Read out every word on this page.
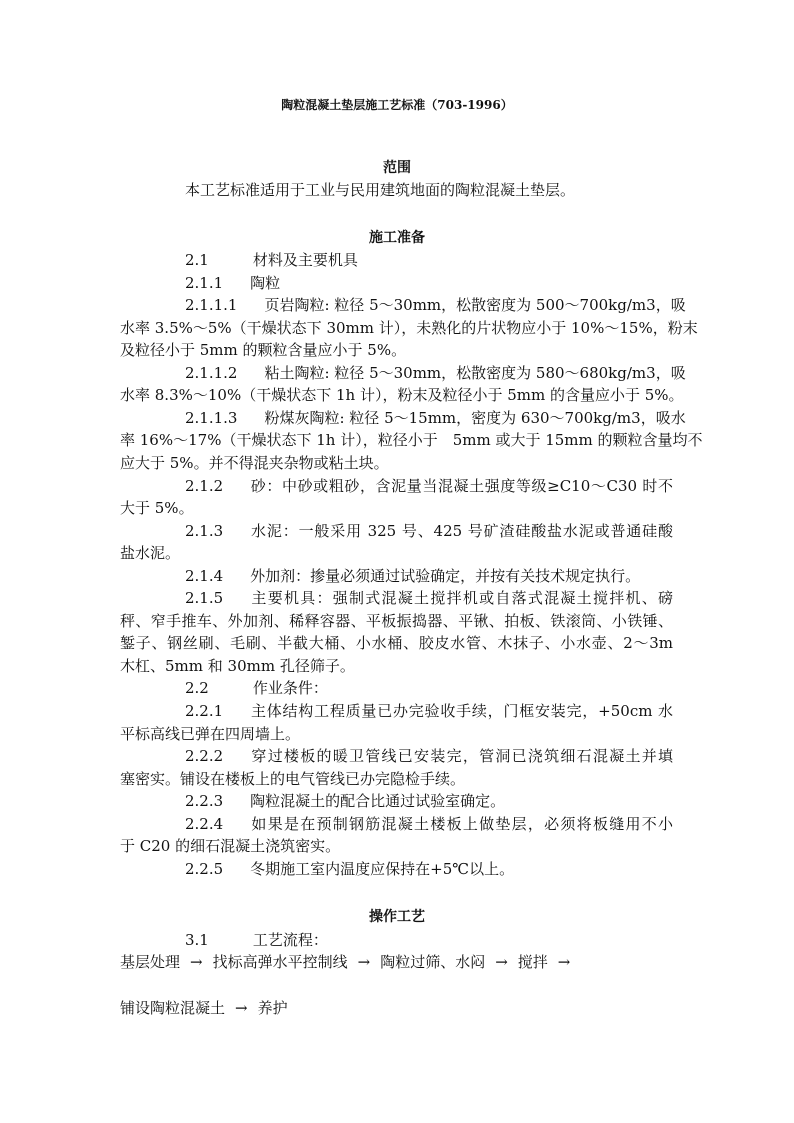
陶粒混凝土垫层施工艺标准（703-1996）
范围
本工艺标准适用于工业与民用建筑地面的陶粒混凝土垫层。
施工准备
2.1	材料及主要机具
2.1.1 陶粒
2.1.1.1 页岩陶粒: 粒径 5～30mm，松散密度为 500～700kg/m3，吸
水率 3.5%～5%（干燥状态下 30mm 计），未熟化的片状物应小于 10%～15%，粉末
及粒径小于 5mm 的颗粒含量应小于 5%。
2.1.1.2 粘土陶粒: 粒径 5～30mm，松散密度为 580～680kg/m3，吸
水率 8.3%～10%（干燥状态下 1h 计），粉末及粒径小于 5mm 的含量应小于 5%。
2.1.1.3 粉煤灰陶粒: 粒径 5～15mm，密度为 630～700kg/m3，吸水
率 16%～17%（干燥状态下 1h 计），粒径小于　5mm 或大于 15mm 的颗粒含量均不
应大于 5%。并不得混夹杂物或粘土块。
2.1.2 砂：中砂或粗砂，含泥量当混凝土强度等级≥C10～C30 时不
大于 5%。
2.1.3 水泥：一般采用 325 号、425 号矿渣硅酸盐水泥或普通硅酸
盐水泥。
2.1.4 外加剂：掺量必须通过试验确定，并按有关技术规定执行。
2.1.5 主要机具：强制式混凝土搅拌机或自落式混凝土搅拌机、磅
秤、窄手推车、外加剂、稀释容器、平板振捣器、平锹、拍板、铁滚筒、小铁锤、
錾子、钢丝刷、毛刷、半截大桶、小水桶、胶皮水管、木抹子、小水壶、2～3m
木杠、5mm 和 30mm 孔径筛子。
2.2	作业条件：
2.2.1 主体结构工程质量已办完验收手续，门框安装完，+50cm 水
平标高线已弹在四周墙上。
2.2.2 穿过楼板的暖卫管线已安装完，管洞已浇筑细石混凝土并填
塞密实。铺设在楼板上的电气管线已办完隐检手续。
2.2.3 陶粒混凝土的配合比通过试验室确定。
2.2.4 如果是在预制钢筋混凝土楼板上做垫层，必须将板缝用不小
于 C20 的细石混凝土浇筑密实。
2.2.5 冬期施工室内温度应保持在+5℃以上。
操作工艺
3.1	工艺流程：
基层处理 → 找标高弹水平控制线 → 陶粒过筛、水闷 → 搅拌 →
铺设陶粒混凝土 → 养护
